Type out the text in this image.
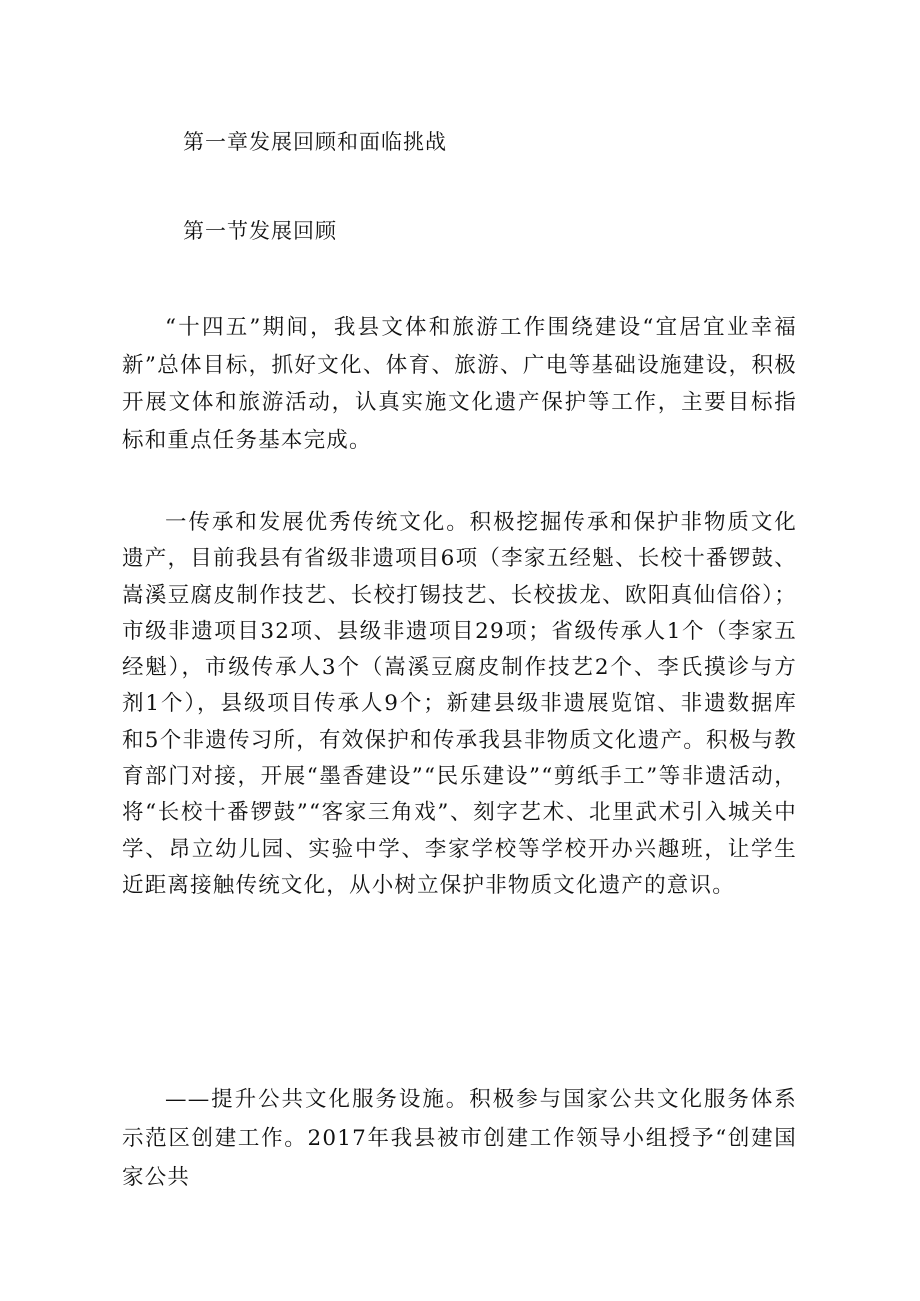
第一章发展回顾和面临挑战
第一节发展回顾

“十四五”期间，我县文体和旅游工作围绕建设“宜居宜业幸福新”总体目标，抓好文化、体育、旅游、广电等基础设施建设，积极开展文体和旅游活动，认真实施文化遗产保护等工作，主要目标指标和重点任务基本完成。

一传承和发展优秀传统文化。积极挖掘传承和保护非物质文化遗产，目前我县有省级非遗项目6项（李家五经魁、长校十番锣鼓、嵩溪豆腐皮制作技艺、长校打锡技艺、长校拔龙、欧阳真仙信俗）；市级非遗项目32项、县级非遗项目29项；省级传承人1个（李家五经魁），市级传承人3个（嵩溪豆腐皮制作技艺2个、李氏摸诊与方剂1个），县级项目传承人9个；新建县级非遗展览馆、非遗数据库和5个非遗传习所，有效保护和传承我县非物质文化遗产。积极与教育部门对接，开展“墨香建设”“民乐建设”“剪纸手工”等非遗活动，将“长校十番锣鼓”“客家三角戏”、刻字艺术、北里武术引入城关中学、昂立幼儿园、实验中学、李家学校等学校开办兴趣班，让学生近距离接触传统文化，从小树立保护非物质文化遗产的意识。

——提升公共文化服务设施。积极参与国家公共文化服务体系示范区创建工作。2017年我县被市创建工作领导小组授予“创建国家公共
